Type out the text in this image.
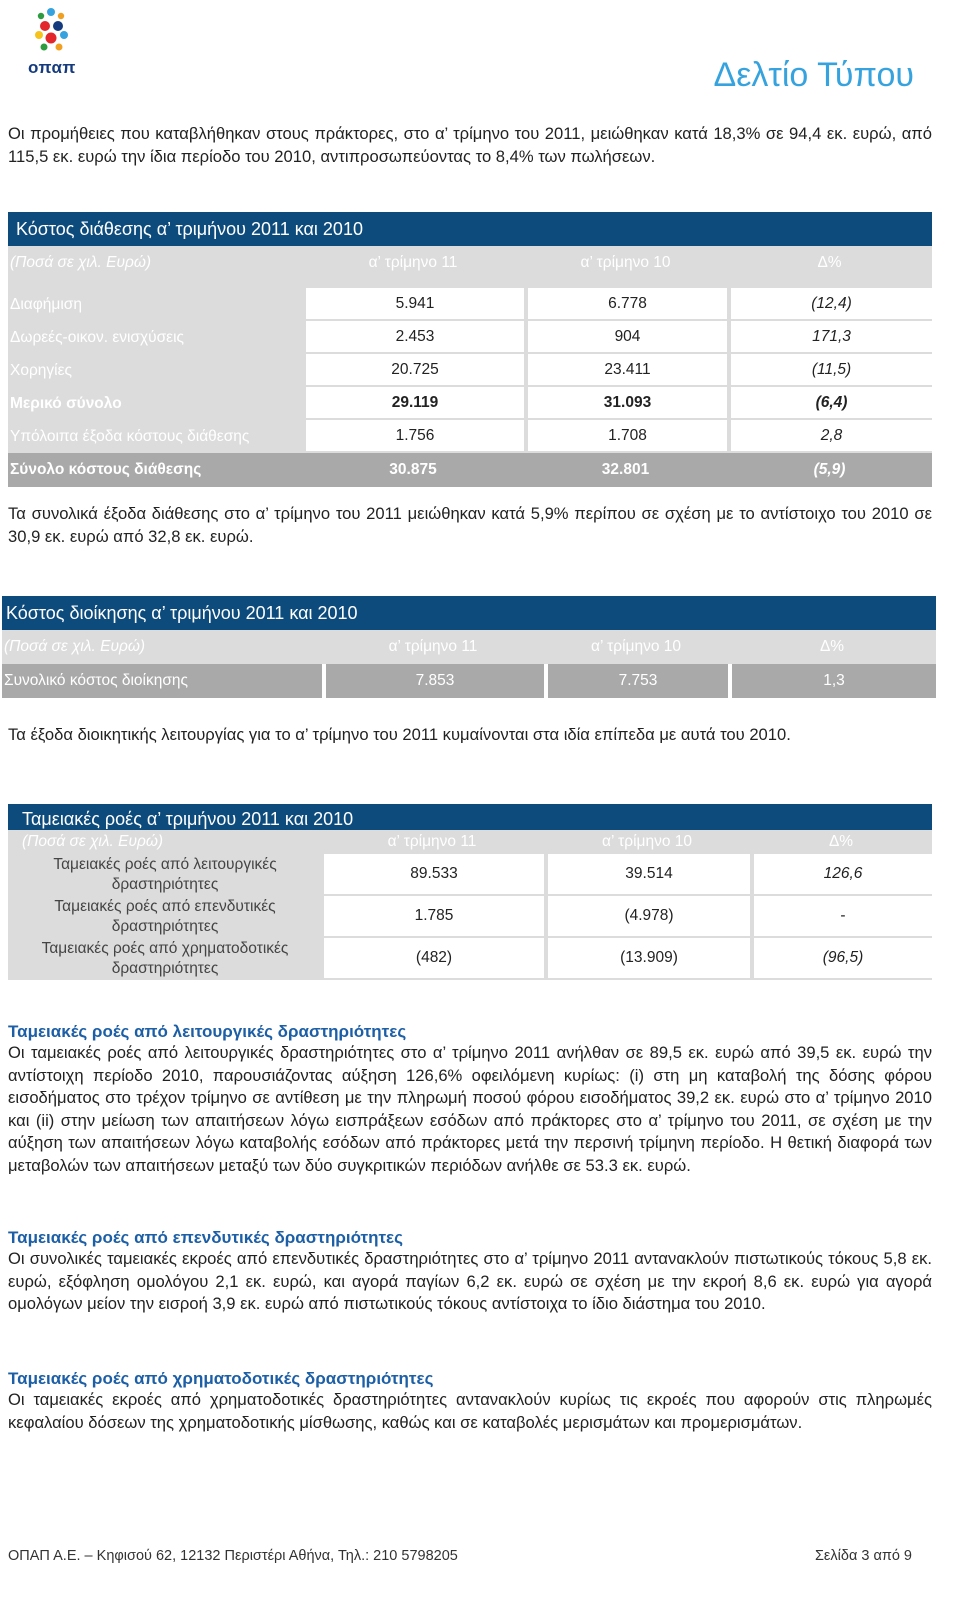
οπαπ	Δελτίο Τύπου

Οι προμήθειες που καταβλήθηκαν στους πράκτορες, στο α’ τρίμηνο του 2011, μειώθηκαν κατά 18,3% σε 94,4 εκ. ευρώ, από 115,5 εκ. ευρώ την ίδια περίοδο του 2010, αντιπροσωπεύοντας το 8,4% των πωλήσεων.

Κόστος διάθεσης α’ τριμήνου 2011 και 2010			
(Ποσά σε χιλ. Ευρώ)	α’ τρίμηνο 11	α’ τρίμηνο 10	Δ%

Διαφήμιση	5.941	6.778	(12,4)
Δωρεές-οικον. ενισχύσεις	2.453	904	171,3
Χορηγίες	20.725	23.411	(11,5)
Μερικό σύνολο	29.119	31.093	(6,4)
Υπόλοιπα έξοδα κόστους διάθεσης	1.756	1.708	2,8
Σύνολο κόστους διάθεσης	30.875	32.801	(5,9)

Τα συνολικά έξοδα διάθεσης στο α’ τρίμηνο του 2011 μειώθηκαν κατά 5,9% περίπου σε σχέση με το αντίστοιχο του 2010 σε 30,9 εκ. ευρώ από 32,8 εκ. ευρώ.

Κόστος διοίκησης α’ τριμήνου 2011 και 2010			
(Ποσά σε χιλ. Ευρώ)	α’ τρίμηνο 11	α’ τρίμηνο 10	Δ%
Συνολικό κόστος διοίκησης	7.853	7.753	1,3

Τα έξοδα διοικητικής λειτουργίας για το α’ τρίμηνο του 2011 κυμαίνονται στα ιδία επίπεδα με αυτά του 2010.

Ταμειακές ροές α’ τριμήνου 2011 και 2010			
(Ποσά σε χιλ. Ευρώ)	α’ τρίμηνο 11	α’ τρίμηνο 10	Δ%
Ταμειακές ροές από λειτουργικές δραστηριότητες	89.533	39.514	126,6
Ταμειακές ροές από επενδυτικές δραστηριότητες	1.785	(4.978)	-
Ταμειακές ροές από χρηματοδοτικές δραστηριότητες	(482)	(13.909)	(96,5)
Ταμειακές ροές από λειτουργικές δραστηριότητες

Οι ταμειακές ροές από λειτουργικές δραστηριότητες στο α’ τρίμηνο 2011 ανήλθαν σε 89,5 εκ. ευρώ από 39,5 εκ. ευρώ την αντίστοιχη περίοδο 2010, παρουσιάζοντας αύξηση 126,6% οφειλόμενη κυρίως: (i) στη μη καταβολή της δόσης φόρου εισοδήματος στο τρέχον τρίμηνο σε αντίθεση με την πληρωμή ποσού φόρου εισοδήματος 39,2 εκ. ευρώ στο α’ τρίμηνο 2010 και (ii) στην μείωση των απαιτήσεων λόγω εισπράξεων εσόδων από πράκτορες στο α’ τρίμηνο του 2011, σε σχέση με την αύξηση των απαιτήσεων λόγω καταβολής εσόδων από πράκτορες μετά την περσινή τρίμηνη περίοδο. Η θετική διαφορά των μεταβολών των απαιτήσεων μεταξύ των δύο συγκριτικών περιόδων ανήλθε σε 53.3 εκ. ευρώ.

Ταμειακές ροές από επενδυτικές δραστηριότητες

Οι συνολικές ταμειακές εκροές από επενδυτικές δραστηριότητες στο α’ τρίμηνο 2011 αντανακλούν πιστωτικούς τόκους 5,8 εκ. ευρώ, εξόφληση ομολόγου 2,1 εκ. ευρώ, και αγορά παγίων 6,2 εκ. ευρώ σε σχέση με την εκροή 8,6 εκ. ευρώ για αγορά ομολόγων μείον την εισροή 3,9 εκ. ευρώ από πιστωτικούς τόκους αντίστοιχα το ίδιο διάστημα του 2010.

Ταμειακές ροές από χρηματοδοτικές δραστηριότητες

Οι ταμειακές εκροές από χρηματοδοτικές δραστηριότητες αντανακλούν κυρίως τις εκροές που αφορούν στις πληρωμές κεφαλαίου δόσεων της χρηματοδοτικής μίσθωσης, καθώς και σε καταβολές μερισμάτων και προμερισμάτων.

ΟΠΑΠ Α.Ε. – Κηφισού 62, 12132 Περιστέρι Αθήνα, Τηλ.: 210 5798205	Σελίδα 3 από 9
